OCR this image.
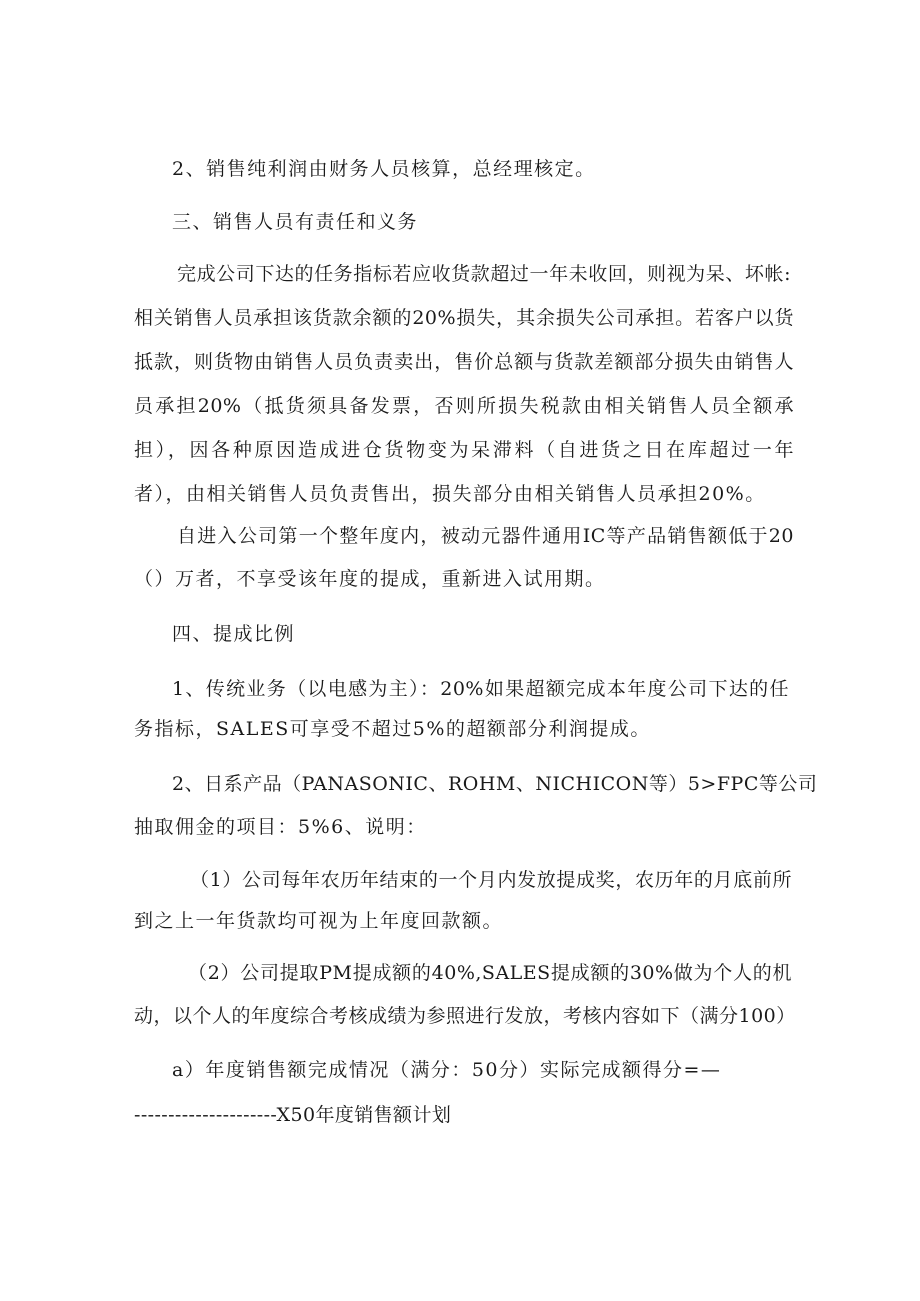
2、销售纯利润由财务人员核算，总经理核定。
三、销售人员有责任和义务
完成公司下达的任务指标若应收货款超过一年未收回，则视为呆、坏帐:
相关销售人员承担该货款余额的20%损失，其余损失公司承担。若客户以货
抵款，则货物由销售人员负责卖出，售价总额与货款差额部分损失由销售人
员承担20%（抵货须具备发票，否则所损失税款由相关销售人员全额承
担），因各种原因造成进仓货物变为呆滞料（自进货之日在库超过一年
者），由相关销售人员负责售出，损失部分由相关销售人员承担20%。
自进入公司第一个整年度内，被动元器件通用IC等产品销售额低于20
（）万者，不享受该年度的提成，重新进入试用期。
四、提成比例
1、传统业务（以电感为主）：20%如果超额完成本年度公司下达的任
务指标，SALES可享受不超过5%的超额部分利润提成。
2、日系产品（PANASONIC、ROHM、NICHICON等）5>FPC等公司
抽取佣金的项目：5%6、说明：
（1）公司每年农历年结束的一个月内发放提成奖，农历年的月底前所
到之上一年货款均可视为上年度回款额。
（2）公司提取PM提成额的40%,SALES提成额的30%做为个人的机
动，以个人的年度综合考核成绩为参照进行发放，考核内容如下（满分100）
a）年度销售额完成情况（满分：50分）实际完成额得分=—
---------------------X50年度销售额计划
